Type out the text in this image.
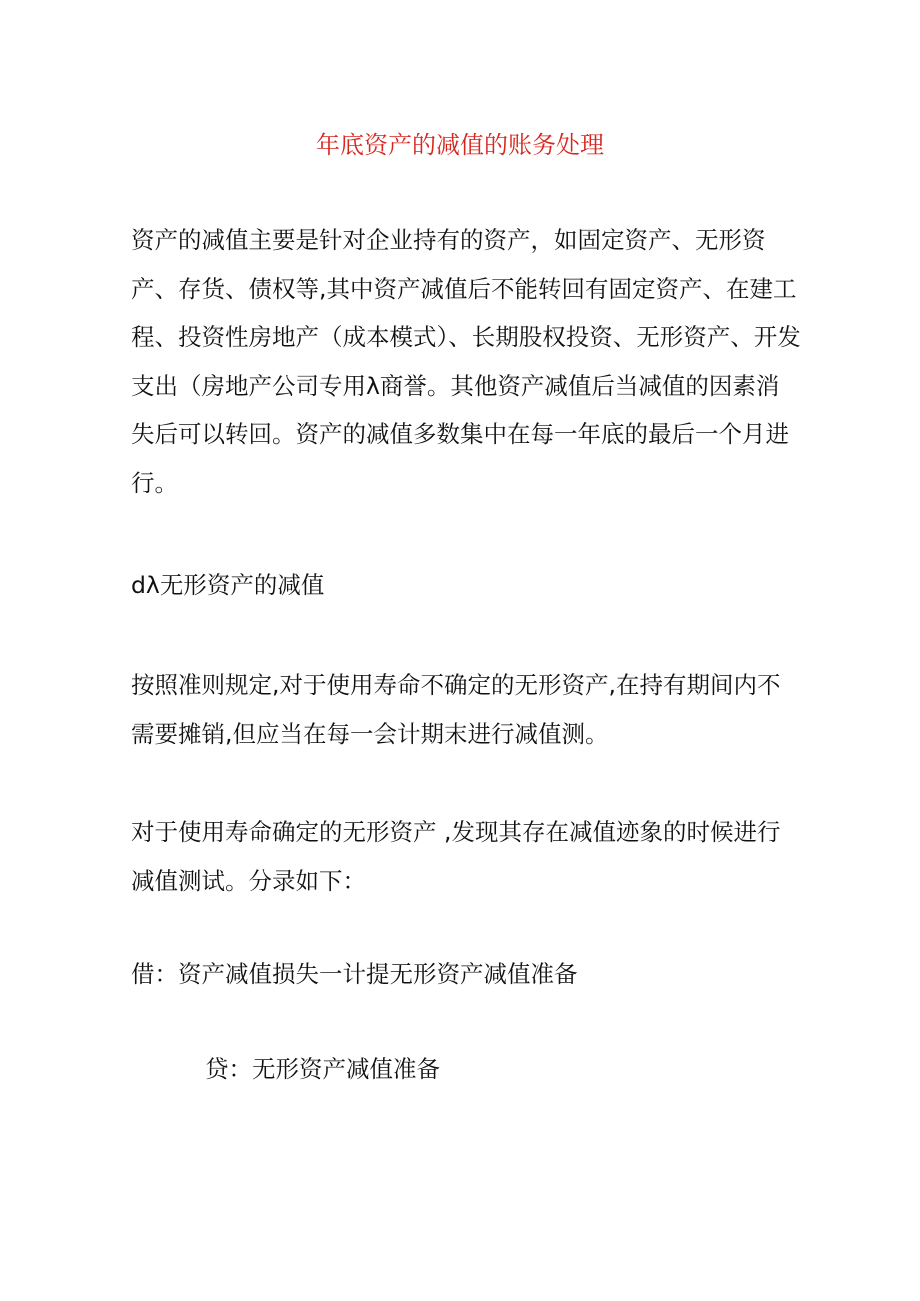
年底资产的减值的账务处理

资产的减值主要是针对企业持有的资产，如固定资产、无形资产、存货、债权等,其中资产减值后不能转回有固定资产、在建工程、投资性房地产（成本模式）、长期股权投资、无形资产、开发支出（房地产公司专用λ商誉。其他资产减值后当减值的因素消失后可以转回。资产的减值多数集中在每一年底的最后一个月进行。

dλ无形资产的减值

按照准则规定,对于使用寿命不确定的无形资产,在持有期间内不需要摊销,但应当在每一会计期末进行减值测。

对于使用寿命确定的无形资产 ,发现其存在减值迹象的时候进行减值测试。分录如下：

借：资产减值损失一计提无形资产减值准备

贷：无形资产减值准备
